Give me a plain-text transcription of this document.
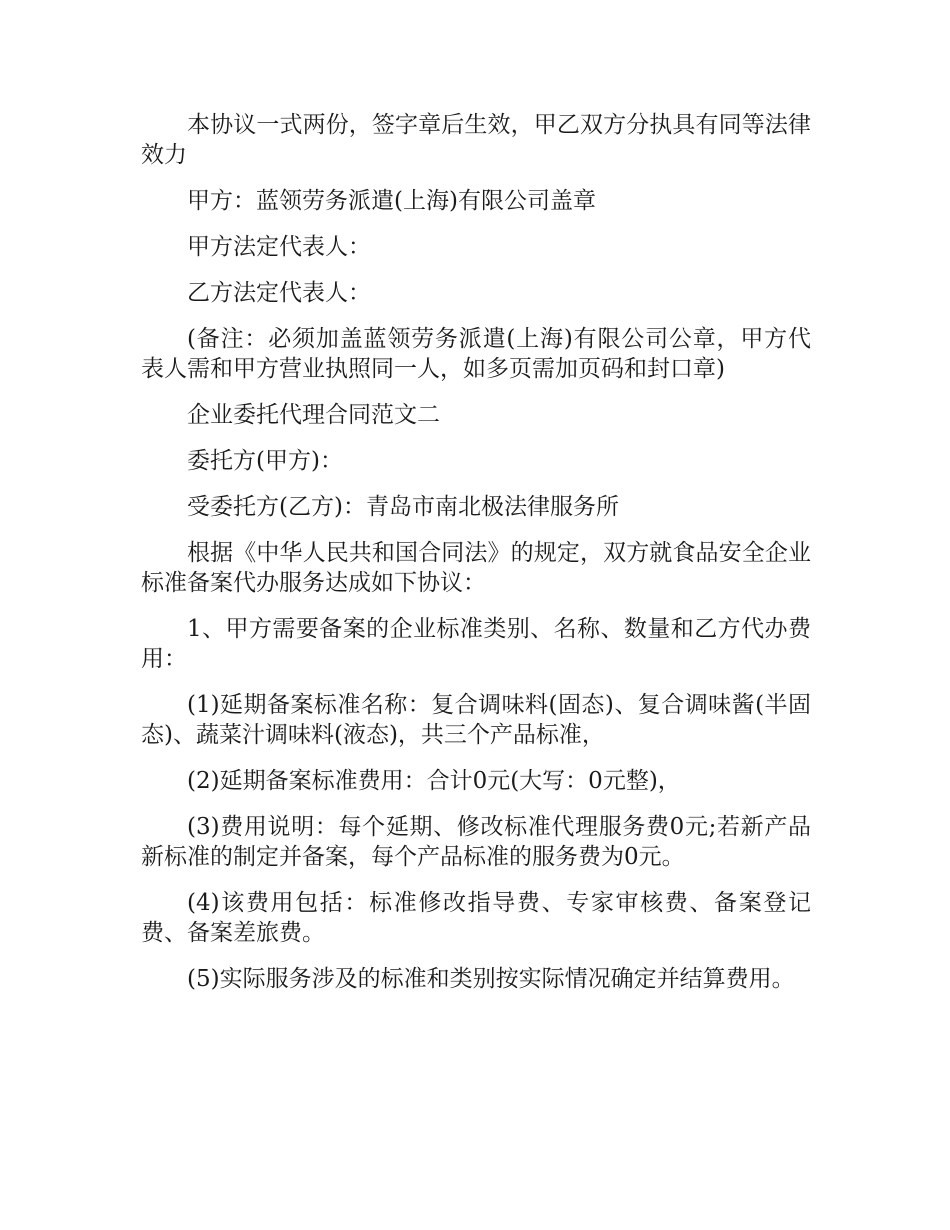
本协议一式两份，签字章后生效，甲乙双方分执具有同等法律效力

甲方：蓝领劳务派遣(上海)有限公司盖章

甲方法定代表人：

乙方法定代表人：

(备注：必须加盖蓝领劳务派遣(上海)有限公司公章，甲方代表人需和甲方营业执照同一人，如多页需加页码和封口章)

企业委托代理合同范文二

委托方(甲方)：

受委托方(乙方)：青岛市南北极法律服务所

根据《中华人民共和国合同法》的规定，双方就食品安全企业标准备案代办服务达成如下协议：

1、甲方需要备案的企业标准类别、名称、数量和乙方代办费用：

(1)延期备案标准名称：复合调味料(固态)、复合调味酱(半固态)、蔬菜汁调味料(液态)，共三个产品标准，

(2)延期备案标准费用：合计0元(大写：0元整)，

(3)费用说明：每个延期、修改标准代理服务费0元;若新产品新标准的制定并备案，每个产品标准的服务费为0元。

(4)该费用包括：标准修改指导费、专家审核费、备案登记费、备案差旅费。

(5)实际服务涉及的标准和类别按实际情况确定并结算费用。
